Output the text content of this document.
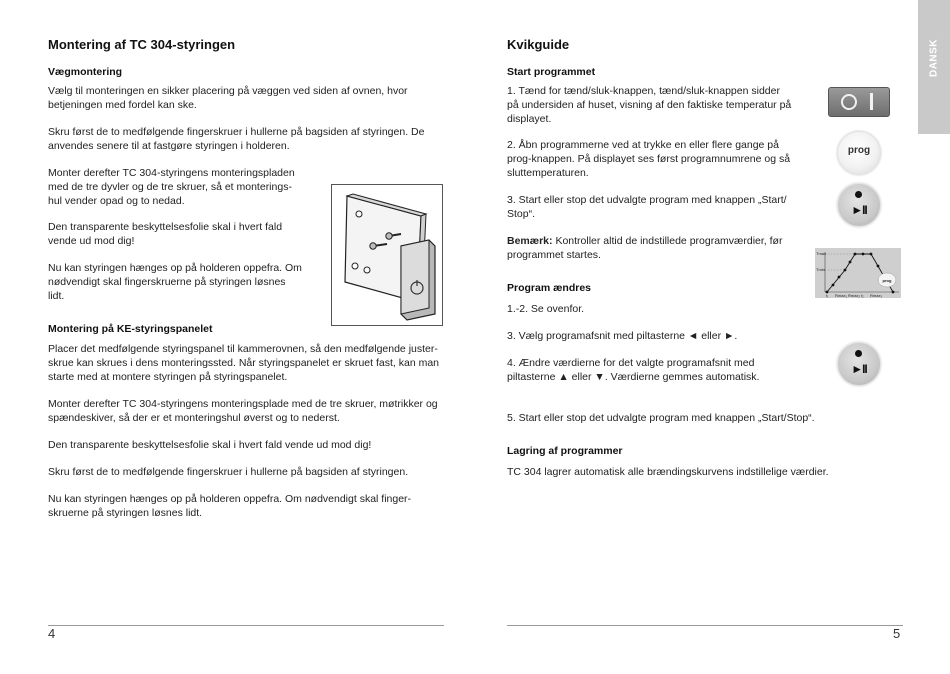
Montering af TC 304-styringen
Vægmontering

Vælg til monteringen en sikker placering på væggen ved siden af ovnen, hvor betjeningen med fordel kan ske.

Skru først de to medfølgende fingerskruer i hullerne på bagsiden af styringen. De anvendes senere til at fastgøre styringen i holderen.

Monter derefter TC 304-styringens monteringspladen med de tre dyvler og de tre skruer, så et monterings-hul vender opad og to nedad.

Den transparente beskyttelsesfolie skal i hvert fald vende ud mod dig!

Nu kan styringen hænges op på holderen oppefra. Om nødvendigt skal fingerskruerne på styringen løsnes lidt.

Montering på KE-styringspanelet

Placer det medfølgende styringspanel til kammerovnen, så den medfølgende juster-skrue kan skrues i dens monteringssted. Når styringspanelet er skruet fast, kan man starte med at montere styringen på styringspanelet.

Monter derefter TC 304-styringens monteringsplade med de tre skruer, møtrikker og spændeskiver, så der er et monteringshul øverst og to nederst.

Den transparente beskyttelsesfolie skal i hvert fald vende ud mod dig!

Skru først de to medfølgende fingerskruer i hullerne på bagsiden af styringen.

Nu kan styringen hænges op på holderen oppefra. Om nødvendigt skal finger-skruerne på styringen løsnes lidt.

4
DANSK
Kvikguide
Start programmet

1. Tænd for tænd/sluk-knappen, tænd/sluk-knappen sidder på undersiden af huset, visning af den faktiske temperatur på displayet.

2. Åbn programmerne ved at trykke en eller flere gange på prog-knappen. På displayet ses først programnumrene og så sluttemperaturen.

3. Start eller stop det udvalgte program med knappen „Start/ Stop“.

Bemærk: Kontroller altid de indstillede programværdier, før programmet startes.

Program ændres

1.-2. Se ovenfor.

3. Vælg programafsnit med piltasterne ◄ eller ►.

4. Ændre værdierne for det valgte programafsnit med piltasterne ▲ eller ▼. Værdierne gemmes automatisk.

5. Start eller stop det udvalgte program med knappen „Start/Stop“.

Lagring af programmer

TC 304 lagrer automatisk alle brændingskurvens indstillelige værdier.

prog
►II
Tmax
Tmin
t₁ Rmax₁ Rmax₂ t₂ Rmax₃
prog
►II
5
